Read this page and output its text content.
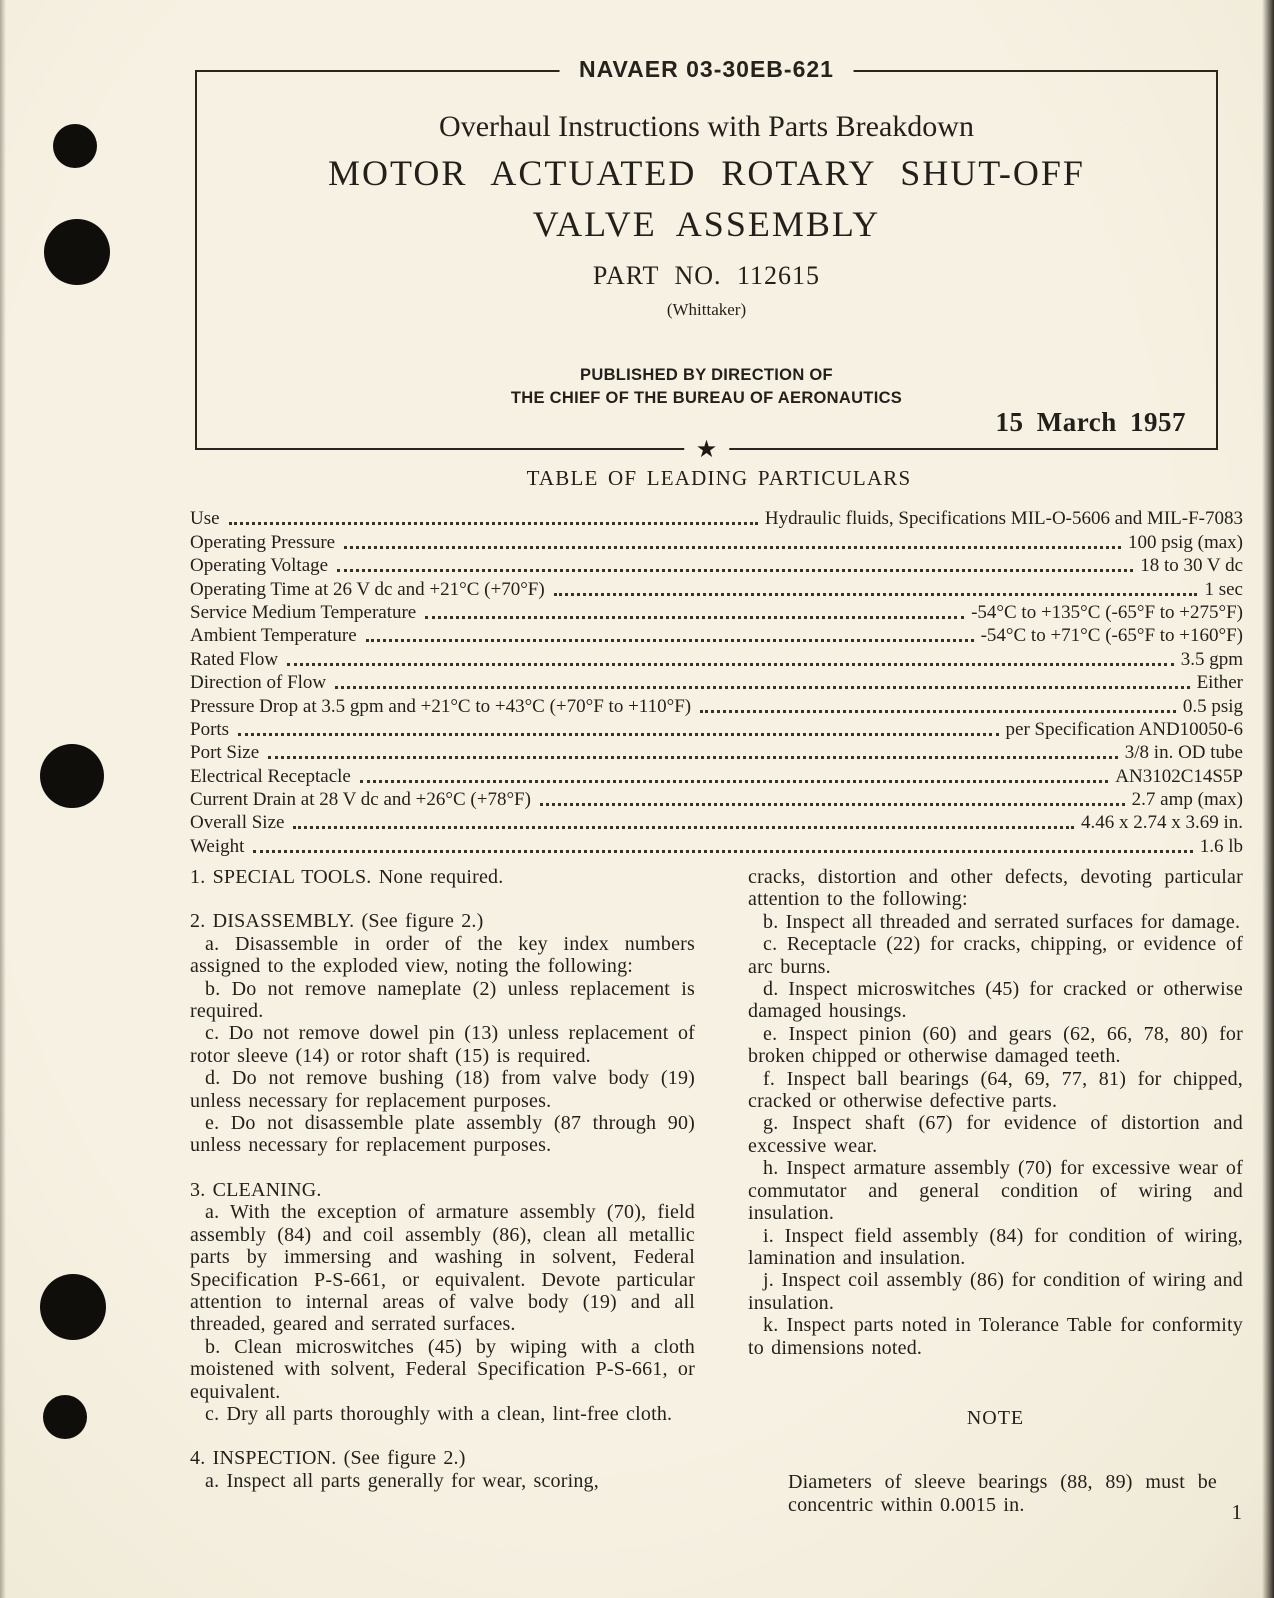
NAVAER 03-30EB-621
Overhaul Instructions with Parts Breakdown
MOTOR ACTUATED ROTARY SHUT-OFF
VALVE ASSEMBLY
PART NO. 112615
(Whittaker)
PUBLISHED BY DIRECTION OF
THE CHIEF OF THE BUREAU OF AERONAUTICS
15 March 1957
★
TABLE OF LEADING PARTICULARS
Use	Hydraulic fluids, Specifications MIL-O-5606 and MIL-F-7083
Operating Pressure	100 psig (max)
Operating Voltage	18 to 30 V dc
Operating Time at 26 V dc and +21°C (+70°F)	1 sec
Service Medium Temperature	-54°C to +135°C (-65°F to +275°F)
Ambient Temperature	-54°C to +71°C (-65°F to +160°F)
Rated Flow	3.5 gpm
Direction of Flow	Either
Pressure Drop at 3.5 gpm and +21°C to +43°C (+70°F to +110°F)	0.5 psig
Ports	per Specification AND10050-6
Port Size	3/8 in. OD tube
Electrical Receptacle	AN3102C14S5P
Current Drain at 28 V dc and +26°C (+78°F)	2.7 amp (max)
Overall Size	4.46 x 2.74 x 3.69 in.
Weight	1.6 lb

1. SPECIAL TOOLS. None required.

2. DISASSEMBLY. (See figure 2.)

a. Disassemble in order of the key index numbers assigned to the exploded view, noting the following:

b. Do not remove nameplate (2) unless replacement is required.

c. Do not remove dowel pin (13) unless replacement of rotor sleeve (14) or rotor shaft (15) is required.

d. Do not remove bushing (18) from valve body (19) unless necessary for replacement purposes.

e. Do not disassemble plate assembly (87 through 90) unless necessary for replacement purposes.

3. CLEANING.

a. With the exception of armature assembly (70), field assembly (84) and coil assembly (86), clean all metallic parts by immersing and washing in solvent, Federal Specification P-S-661, or equivalent. Devote particular attention to internal areas of valve body (19) and all threaded, geared and serrated surfaces.

b. Clean microswitches (45) by wiping with a cloth moistened with solvent, Federal Specification P-S-661, or equivalent.

c. Dry all parts thoroughly with a clean, lint-free cloth.

4. INSPECTION. (See figure 2.)

a. Inspect all parts generally for wear, scoring,

cracks, distortion and other defects, devoting particular attention to the following:

b. Inspect all threaded and serrated surfaces for damage.

c. Receptacle (22) for cracks, chipping, or evidence of arc burns.

d. Inspect microswitches (45) for cracked or otherwise damaged housings.

e. Inspect pinion (60) and gears (62, 66, 78, 80) for broken chipped or otherwise damaged teeth.

f. Inspect ball bearings (64, 69, 77, 81) for chipped, cracked or otherwise defective parts.

g. Inspect shaft (67) for evidence of distortion and excessive wear.

h. Inspect armature assembly (70) for excessive wear of commutator and general condition of wiring and insulation.

i. Inspect field assembly (84) for condition of wiring, lamination and insulation.

j. Inspect coil assembly (86) for condition of wiring and insulation.

k. Inspect parts noted in Tolerance Table for conformity to dimensions noted.

NOTE

Diameters of sleeve bearings (88, 89) must be concentric within 0.0015 in.	1
